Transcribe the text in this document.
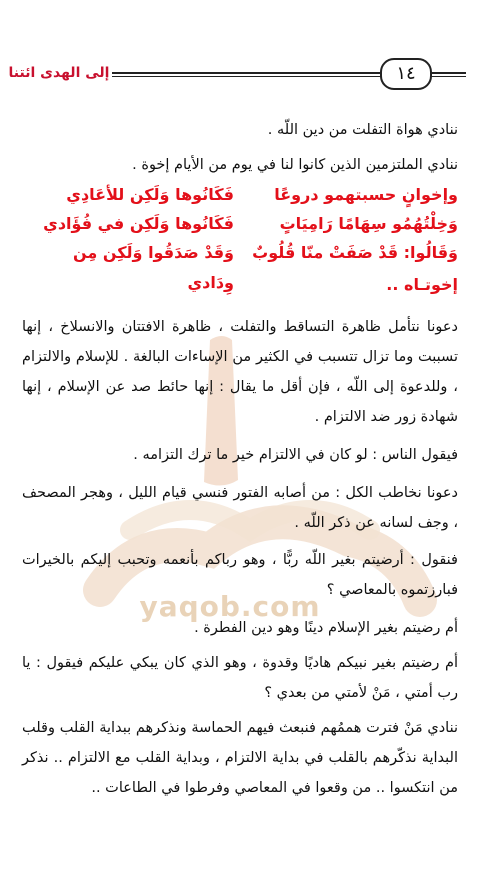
١٤
إلى الهدى ائتنا
yaqob.com
ننادي هواة التفلت من دين اللّه .
ننادي الملتزمين الذين كانوا لنا في يوم من الأيام إخوة .
وإخوانٍ حسبتهمو دروعًا
فَكَانُوها وَلَكِن للأعَادِي
وَخِلْتُهُمُو سِهَامًا رَامِيَاتٍ
فَكَانُوها وَلَكِن في فُؤَادي
وَقَالُوا: قَدْ صَفَتْ منّا قُلُوبٌ
وَقَدْ صَدَقُوا وَلَكِن مِن وِدَادي	إخوتـاه ..
دعونا نتأمل ظاهرة التساقط والتفلت ، ظاهرة الافتتان والانسلاخ ، إنها تسببت وما تزال تتسبب في الكثير من الإساءات البالغة . للإسلام والالتزام ، وللدعوة إلى اللّه ، فإن أقل ما يقال : إنها حائط صد عن الإسلام ، إنها شهادة زور ضد الالتزام .
فيقول الناس : لو كان في الالتزام خير ما ترك التزامه .
دعونا نخاطب الكل : من أصابه الفتور فنسي قيام الليل ، وهجر المصحف ، وجف لسانه عن ذكر اللّه .
فنقول : أرضيتم بغير اللّه ربًّا ، وهو رباكم بأنعمه وتحبب إليكم بالخيرات فبارزتموه بالمعاصي ؟
أم رضيتم بغير الإسلام دينًا وهو دين الفطرة .
أم رضيتم بغير نبيكم هاديًا وقدوة ، وهو الذي كان يبكي عليكم فيقول : يا رب أمتي ، مَنْ لأمتي من بعدي ؟
ننادي مَنْ فترت هممُهم فنبعث فيهم الحماسة ونذكرهم ببداية القلب وقلب البداية نذكّرهم بالقلب في بداية الالتزام ، وبداية القلب مع الالتزام .. نذكر من انتكسوا .. من وقعوا في المعاصي وفرطوا في الطاعات ..
